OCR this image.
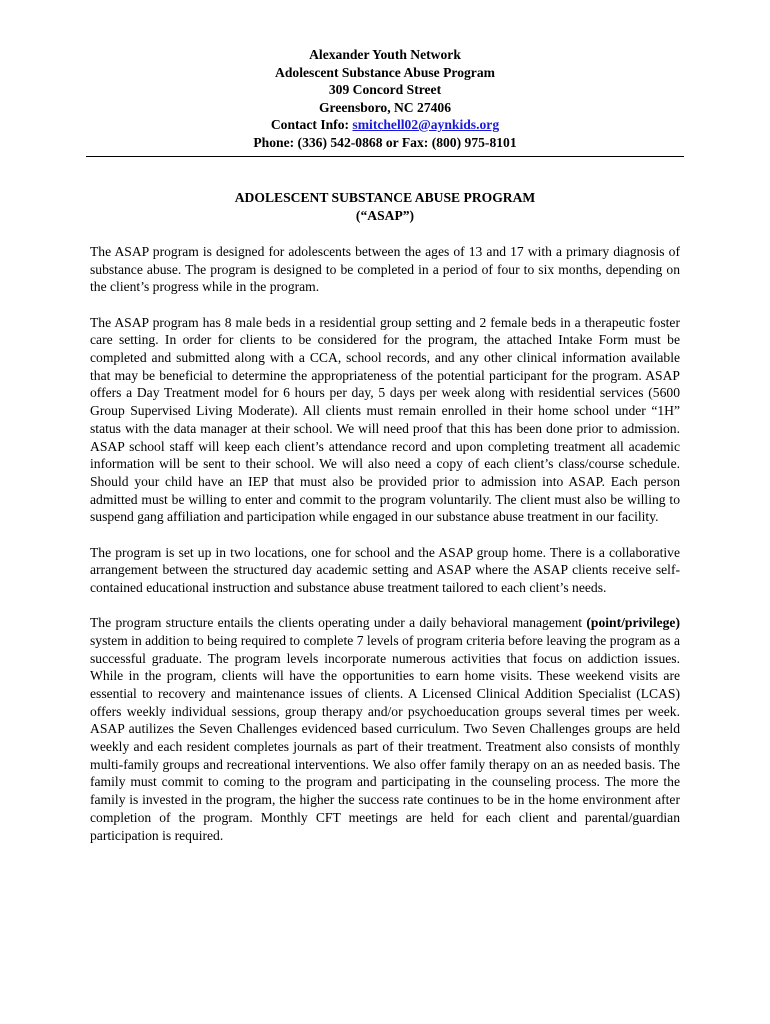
Alexander Youth Network
Adolescent Substance Abuse Program
309 Concord Street
Greensboro, NC 27406
Contact Info: smitchell02@aynkids.org
Phone: (336) 542-0868 or Fax: (800) 975-8101
ADOLESCENT SUBSTANCE ABUSE PROGRAM
(“ASAP”)

The ASAP program is designed for adolescents between the ages of 13 and 17 with a primary diagnosis of substance abuse. The program is designed to be completed in a period of four to six months, depending on the client’s progress while in the program.

The ASAP program has 8 male beds in a residential group setting and 2 female beds in a therapeutic foster care setting. In order for clients to be considered for the program, the attached Intake Form must be completed and submitted along with a CCA, school records, and any other clinical information available that may be beneficial to determine the appropriateness of the potential participant for the program. ASAP offers a Day Treatment model for 6 hours per day, 5 days per week along with residential services (5600 Group Supervised Living Moderate). All clients must remain enrolled in their home school under “1H” status with the data manager at their school. We will need proof that this has been done prior to admission. ASAP school staff will keep each client’s attendance record and upon completing treatment all academic information will be sent to their school. We will also need a copy of each client’s class/course schedule. Should your child have an IEP that must also be provided prior to admission into ASAP. Each person admitted must be willing to enter and commit to the program voluntarily. The client must also be willing to suspend gang affiliation and participation while engaged in our substance abuse treatment in our facility.

The program is set up in two locations, one for school and the ASAP group home. There is a collaborative arrangement between the structured day academic setting and ASAP where the ASAP clients receive self-contained educational instruction and substance abuse treatment tailored to each client’s needs.

The program structure entails the clients operating under a daily behavioral management (point/privilege) system in addition to being required to complete 7 levels of program criteria before leaving the program as a successful graduate. The program levels incorporate numerous activities that focus on addiction issues. While in the program, clients will have the opportunities to earn home visits. These weekend visits are essential to recovery and maintenance issues of clients. A Licensed Clinical Addition Specialist (LCAS) offers weekly individual sessions, group therapy and/or psychoeducation groups several times per week. ASAP autilizes the Seven Challenges evidenced based curriculum. Two Seven Challenges groups are held weekly and each resident completes journals as part of their treatment. Treatment also consists of monthly multi-family groups and recreational interventions. We also offer family therapy on an as needed basis. The family must commit to coming to the program and participating in the counseling process. The more the family is invested in the program, the higher the success rate continues to be in the home environment after completion of the program. Monthly CFT meetings are held for each client and parental/guardian participation is required.
